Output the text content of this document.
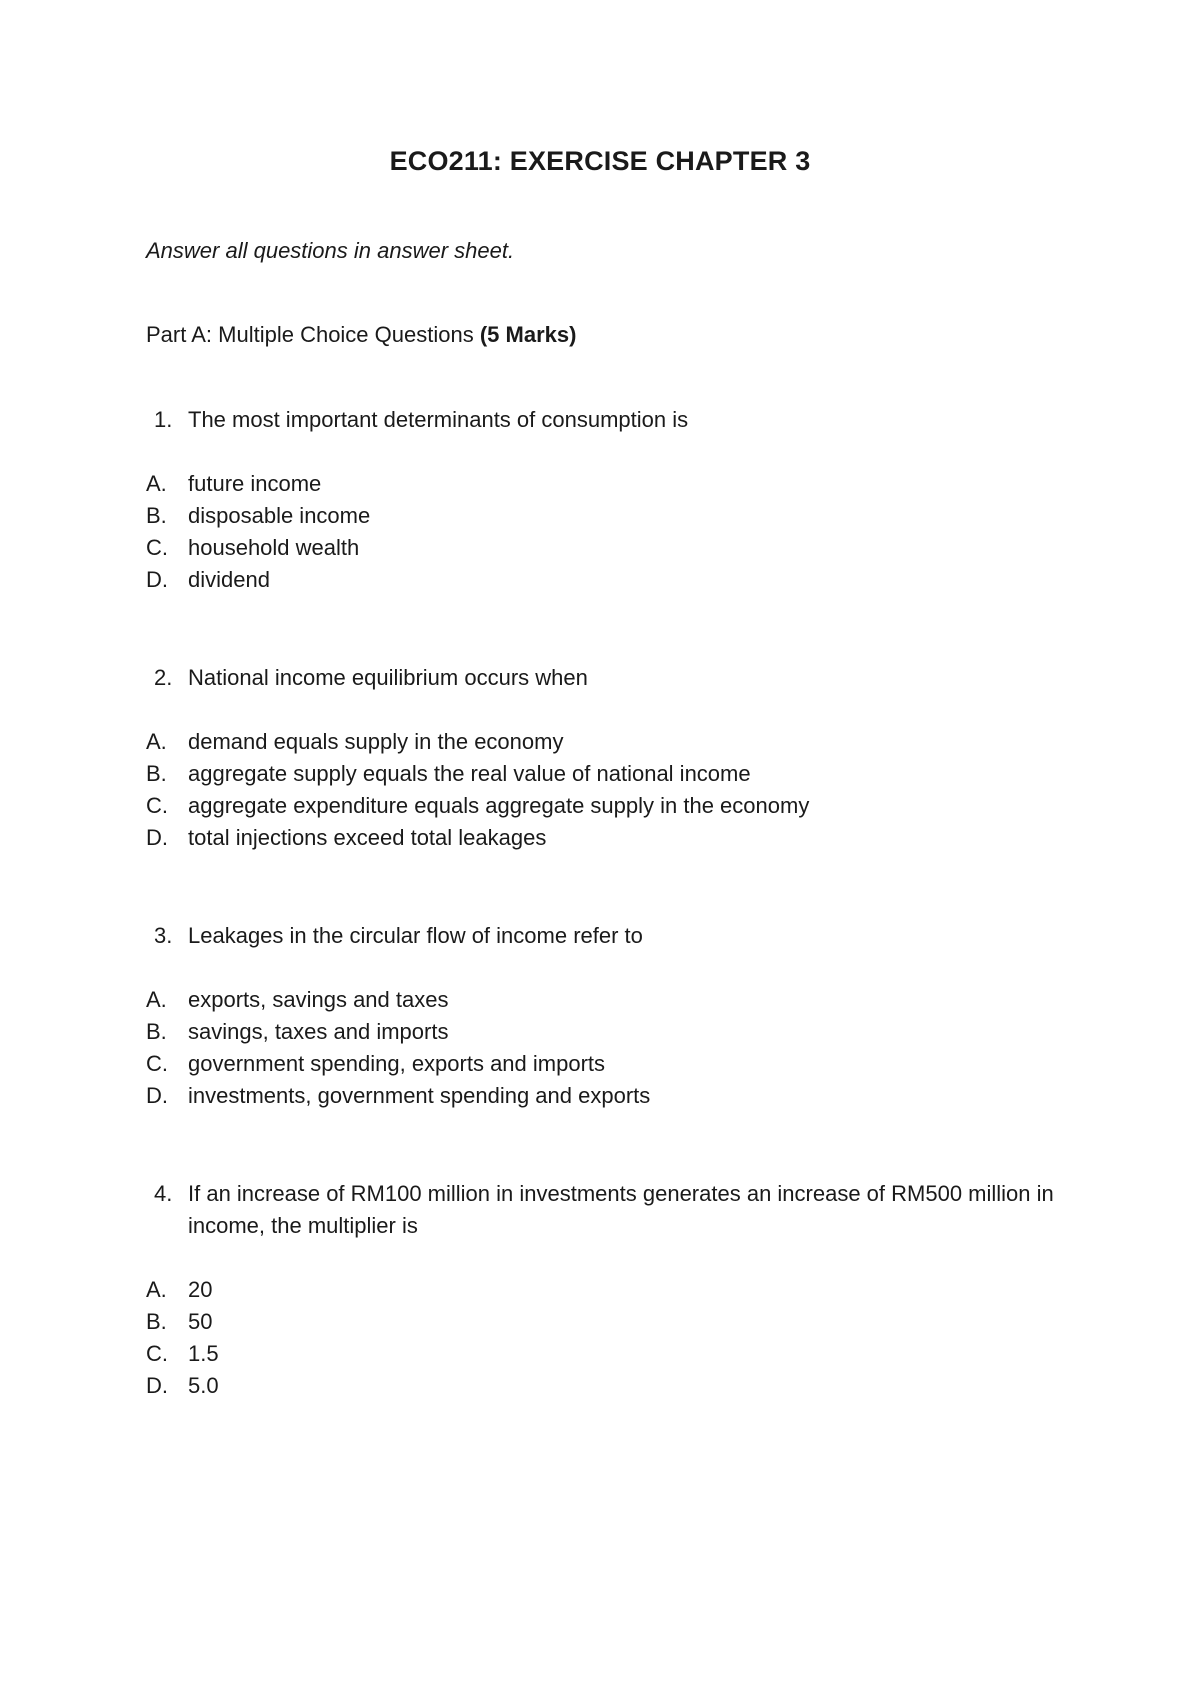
ECO211: EXERCISE CHAPTER 3
Answer all questions in answer sheet.
Part A: Multiple Choice Questions (5 Marks)
1. The most important determinants of consumption is
A. future income
B. disposable income
C. household wealth
D. dividend
2. National income equilibrium occurs when
A. demand equals supply in the economy
B. aggregate supply equals the real value of national income
C. aggregate expenditure equals aggregate supply in the economy
D. total injections exceed total leakages
3. Leakages in the circular flow of income refer to
A. exports, savings and taxes
B. savings, taxes and imports
C. government spending, exports and imports
D. investments, government spending and exports
4. If an increase of RM100 million in investments generates an increase of RM500 million in income, the multiplier is
A. 20
B. 50
C. 1.5
D. 5.0
